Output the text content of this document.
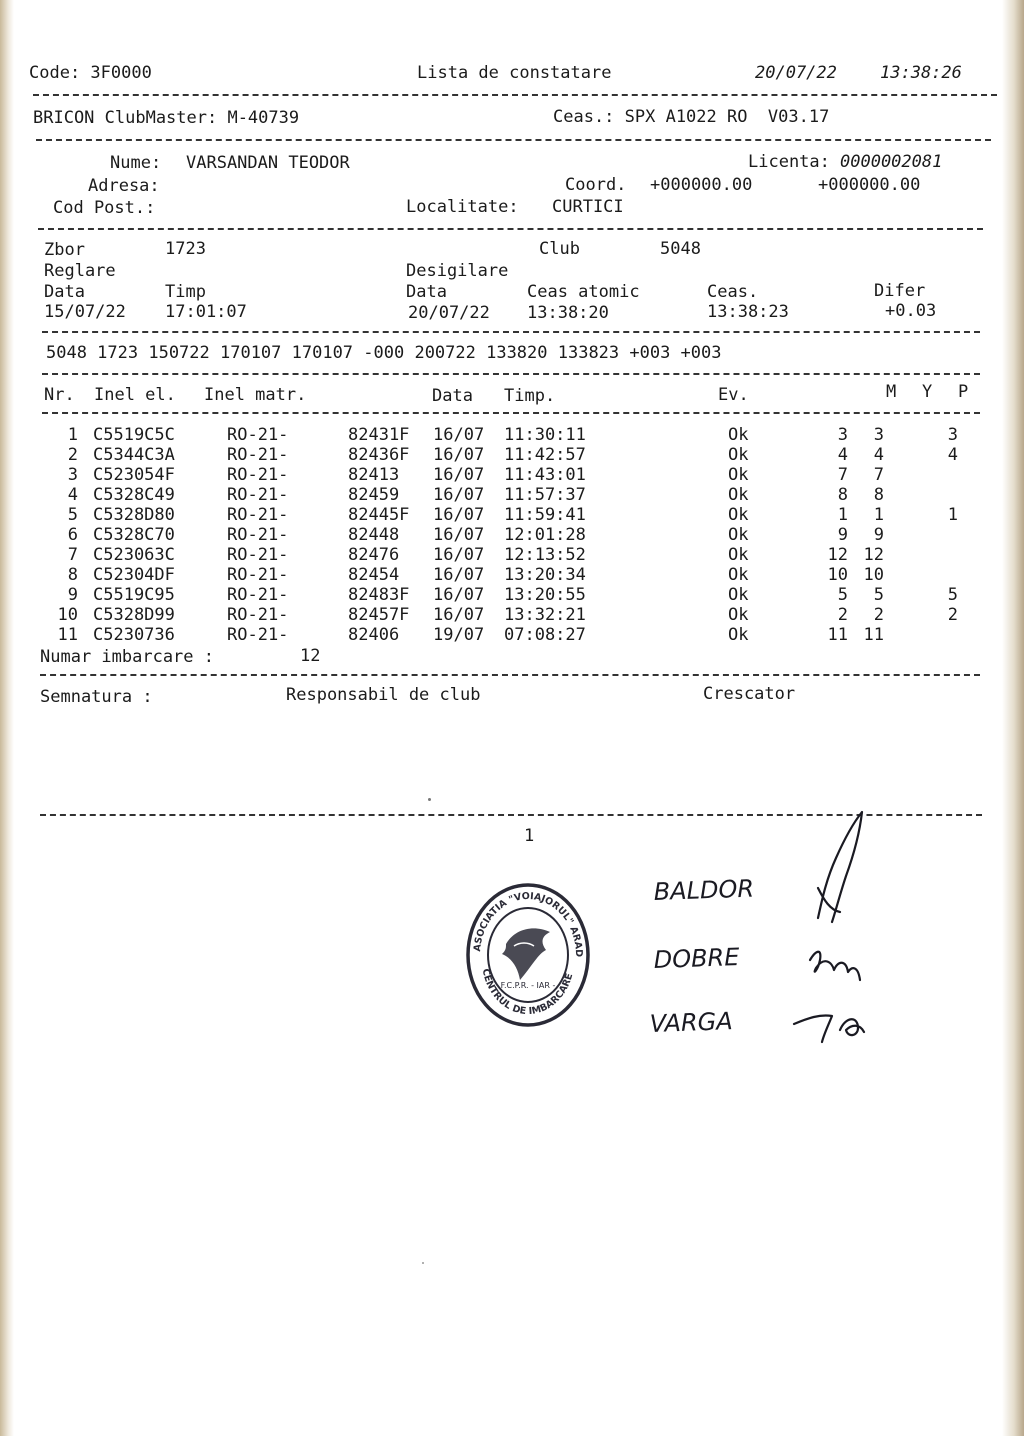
Code: 3F0000	Lista de constatare	20/07/22	13:38:26
BRICON ClubMaster: M-40739	Ceas.: SPX A1022 RO  V03.17
Nume: VARSANDAN TEODOR	Licenta: 0000002081
Adresa:	Coord. +000000.00	+000000.00
Cod Post.:	Localitate: CURTICI
Zbor	1723	Club	5048
Reglare	Desigilare
Data	Timp	Data	Ceas atomic	Ceas.	Difer
15/07/22 17:01:07	20/07/22 13:38:20	13:38:23	+0.03
5048 1723 150722 170107 170107 -000 200722 133820 133823 +003 +003
Nr. Inel el. Inel matr.	Data Timp.	Ev.	M Y P
1 C5519C5C	RO-21-	82431F 16/07 11:30:11	Ok	3	3	3
2 C5344C3A	RO-21-	82436F 16/07 11:42:57	Ok	4	4	4
3 C523054F	RO-21-	82413 16/07 11:43:01	Ok	7	7
4 C5328C49	RO-21-	82459 16/07 11:57:37	Ok	8	8
5 C5328D80	RO-21-	82445F 16/07 11:59:41	Ok	1	1	1
6 C5328C70	RO-21-	82448 16/07 12:01:28	Ok	9	9
7 C523063C	RO-21-	82476 16/07 12:13:52	Ok	12 12
8 C52304DF	RO-21-	82454 16/07 13:20:34	Ok	10 10
9 C5519C95	RO-21-	82483F 16/07 13:20:55	Ok	5	5	5
10 C5328D99	RO-21-	82457F 16/07 13:32:21	Ok	2	2	2
11 C5230736	RO-21-	82406 19/07 07:08:27	Ok	11 11
Numar imbarcare :	12
Semnatura :	Responsabil de club	Crescator
1
ASOCIATIA "VOIAJORUL" ARAD
CENTRUL DE IMBARCARE
F.C.P.R. - IAR -
BALDOR
DOBRE
VARGA
